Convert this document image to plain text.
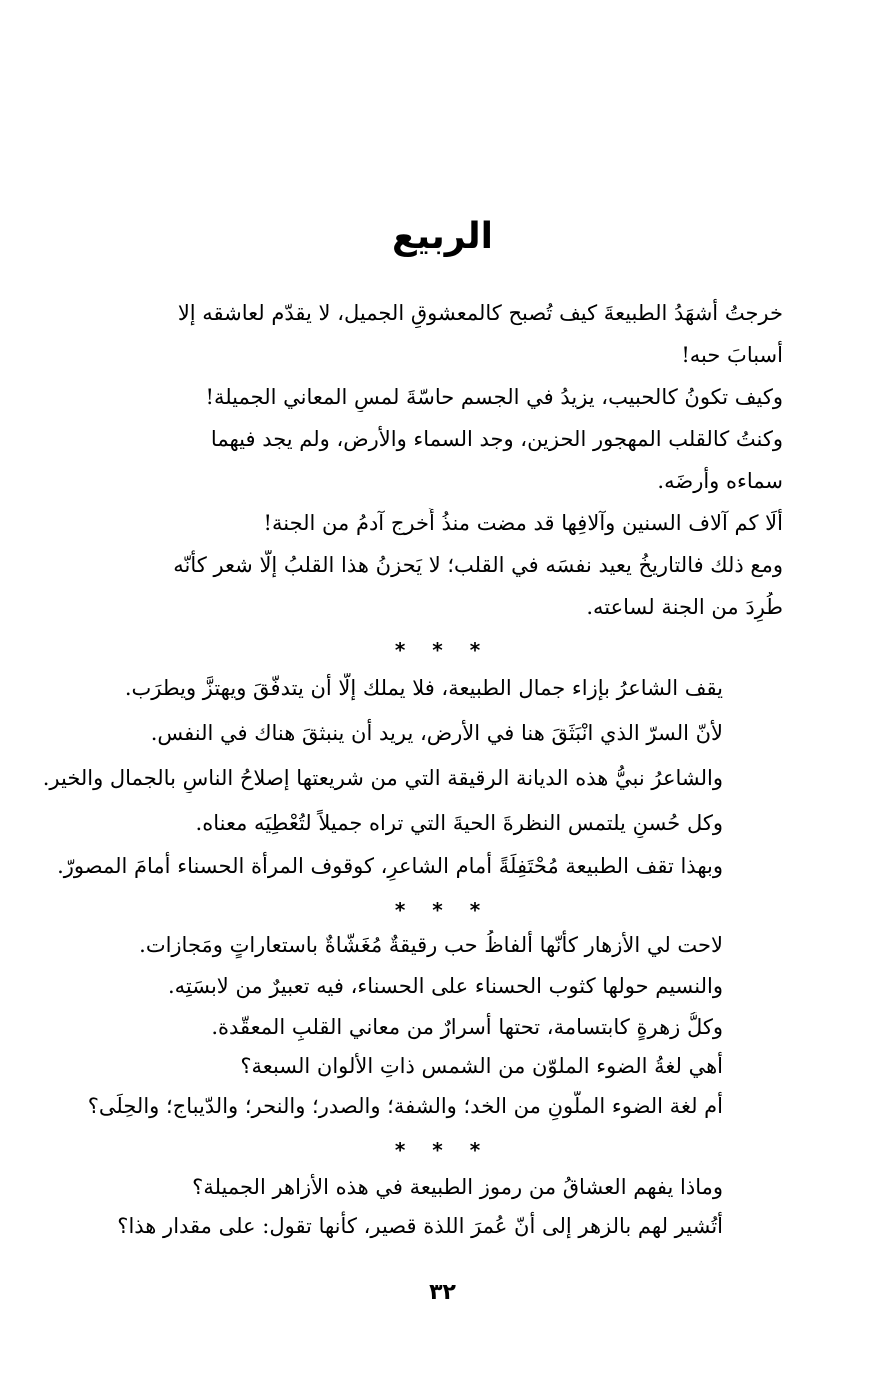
الربيع
خرجتُ أشهَدُ الطبيعةَ كيف تُصبح كالمعشوقِ الجميل، لا يقدّم لعاشقه إلا
أسبابَ حبه!
وكيف تكونُ كالحبيب، يزيدُ في الجسم حاسّةَ لمسِ المعاني الجميلة!
وكنتُ كالقلب المهجور الحزين، وجد السماء والأرض، ولم يجد فيهما
سماءه وأرضَه.
ألَا كم آلاف السنين وآلافِها قد مضت منذُ أُخرج آدمُ من الجنة!
ومع ذلك فالتاريخُ يعيد نفسَه في القلب؛ لا يَحزنُ هذا القلبُ إلّا شعر كأنّه
طُرِدَ من الجنة لساعته.
* * *
يقف الشاعرُ بإزاء جمال الطبيعة، فلا يملك إلّا أن يتدفّقَ ويهتزَّ ويطرَب.
لأنّ السرّ الذي انْبَثَقَ هنا في الأرض، يريد أن ينبثقَ هناك في النفس.
والشاعرُ نبيُّ هذه الديانة الرقيقة التي من شريعتها إصلاحُ الناسِ بالجمال والخير.
وكل حُسنٍ يلتمس النظرةَ الحيةَ التي تراه جميلاً لتُعْطِيَه معناه.
وبهذا تقف الطبيعة مُحْتَفِلَةً أمام الشاعرِ، كوقوف المرأة الحسناء أمامَ المصورّ.
* * *
لاحت لي الأزهار كأنّها ألفاظُ حب رقيقةٌ مُغَشّاةٌ باستعاراتٍ ومَجازات.
والنسيم حولها كثوب الحسناء على الحسناء، فيه تعبيرٌ من لابسَتِه.
وكلُّ زهرةٍ كابتسامة، تحتها أسرارٌ من معاني القلبِ المعقّدة.
أهي لغةُ الضوء الملوّن من الشمس ذاتِ الألوان السبعة؟
أم لغة الضوء الملَّونِ من الخد؛ والشفة؛ والصدر؛ والنحر؛ والدّيباج؛ والحِلَى؟
* * *
وماذا يفهم العشاقُ من رموز الطبيعة في هذه الأزاهر الجميلة؟
أتُشير لهم بالزهر إلى أنّ عُمرَ اللذة قصير، كأنها تقول: على مقدار هذا؟
٣٢
